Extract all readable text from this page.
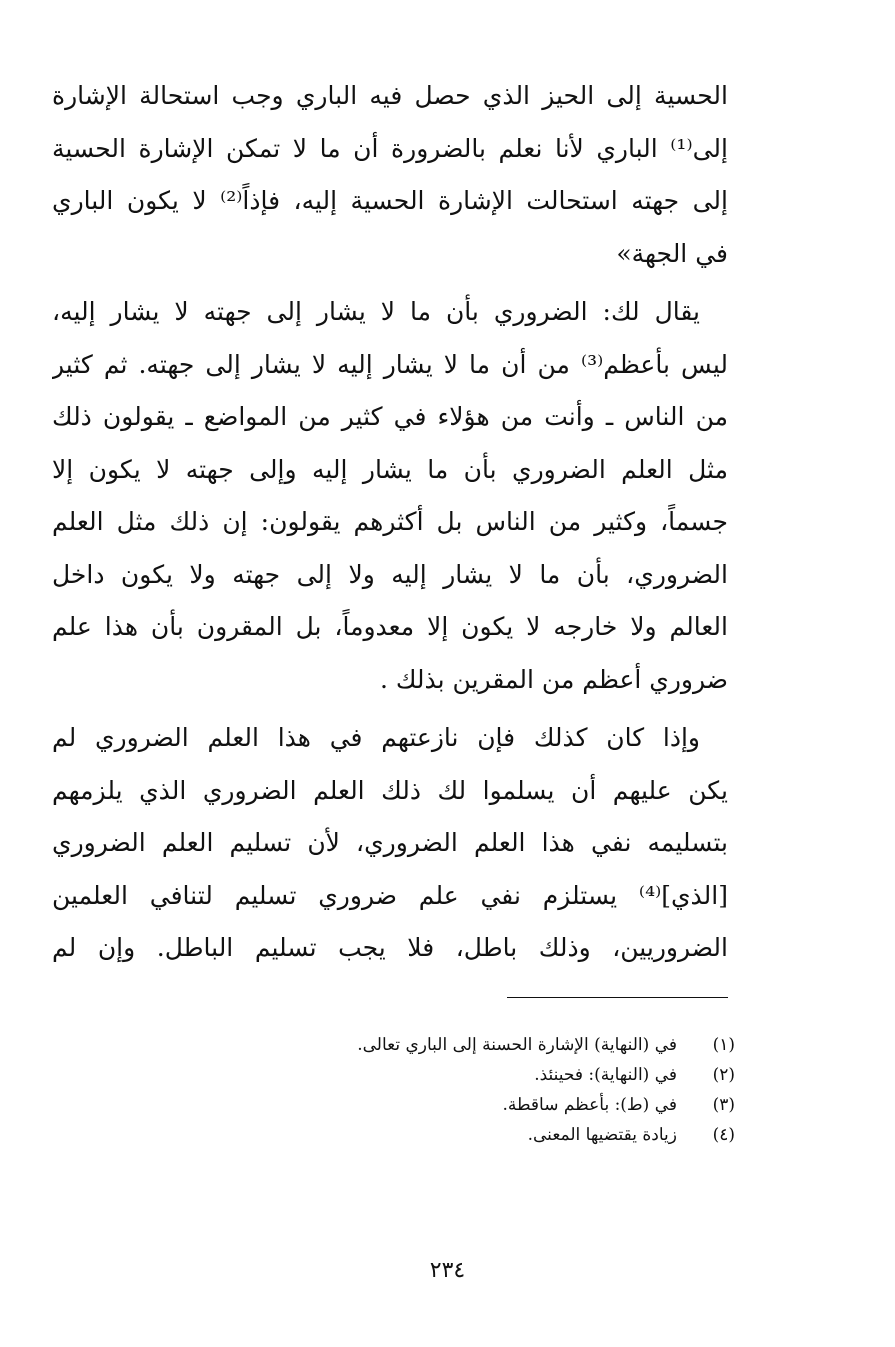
الحسية إلى الحيز الذي حصل فيه الباري وجب استحالة الإشارة
إلى⁽¹⁾ الباري لأنا نعلم بالضرورة أن ما لا تمكن الإشارة الحسية
إلى جهته استحالت الإشارة الحسية إليه، فإذاً⁽²⁾ لا يكون الباري
في الجهة»
يقال لك: الضروري بأن ما لا يشار إلى جهته لا يشار إليه،
ليس بأعظم⁽³⁾ من أن ما لا يشار إليه لا يشار إلى جهته. ثم كثير
من الناس ـ وأنت من هؤلاء في كثير من المواضع ـ يقولون ذلك
مثل العلم الضروري بأن ما يشار إليه وإلى جهته لا يكون إلا
جسماً، وكثير من الناس بل أكثرهم يقولون: إن ذلك مثل العلم
الضروري، بأن ما لا يشار إليه ولا إلى جهته ولا يكون داخل
العالم ولا خارجه لا يكون إلا معدوماً، بل المقرون بأن هذا علم
ضروري أعظم من المقرين بذلك .
وإذا كان كذلك فإن نازعتهم في هذا العلم الضروري لم
يكن عليهم أن يسلموا لك ذلك العلم الضروري الذي يلزمهم
بتسليمه نفي هذا العلم الضروري، لأن تسليم العلم الضروري
[الذي]⁽⁴⁾ يستلزم نفي علم ضروري تسليم لتنافي العلمين
الضروريين، وذلك باطل، فلا يجب تسليم الباطل. وإن لم
(١)
في (النهاية) الإشارة الحسنة إلى الباري تعالى.
(٢)
في (النهاية): فحينئذ.
(٣)
في (ط): بأعظم ساقطة.
(٤)
زيادة يقتضيها المعنى.
٢٣٤
